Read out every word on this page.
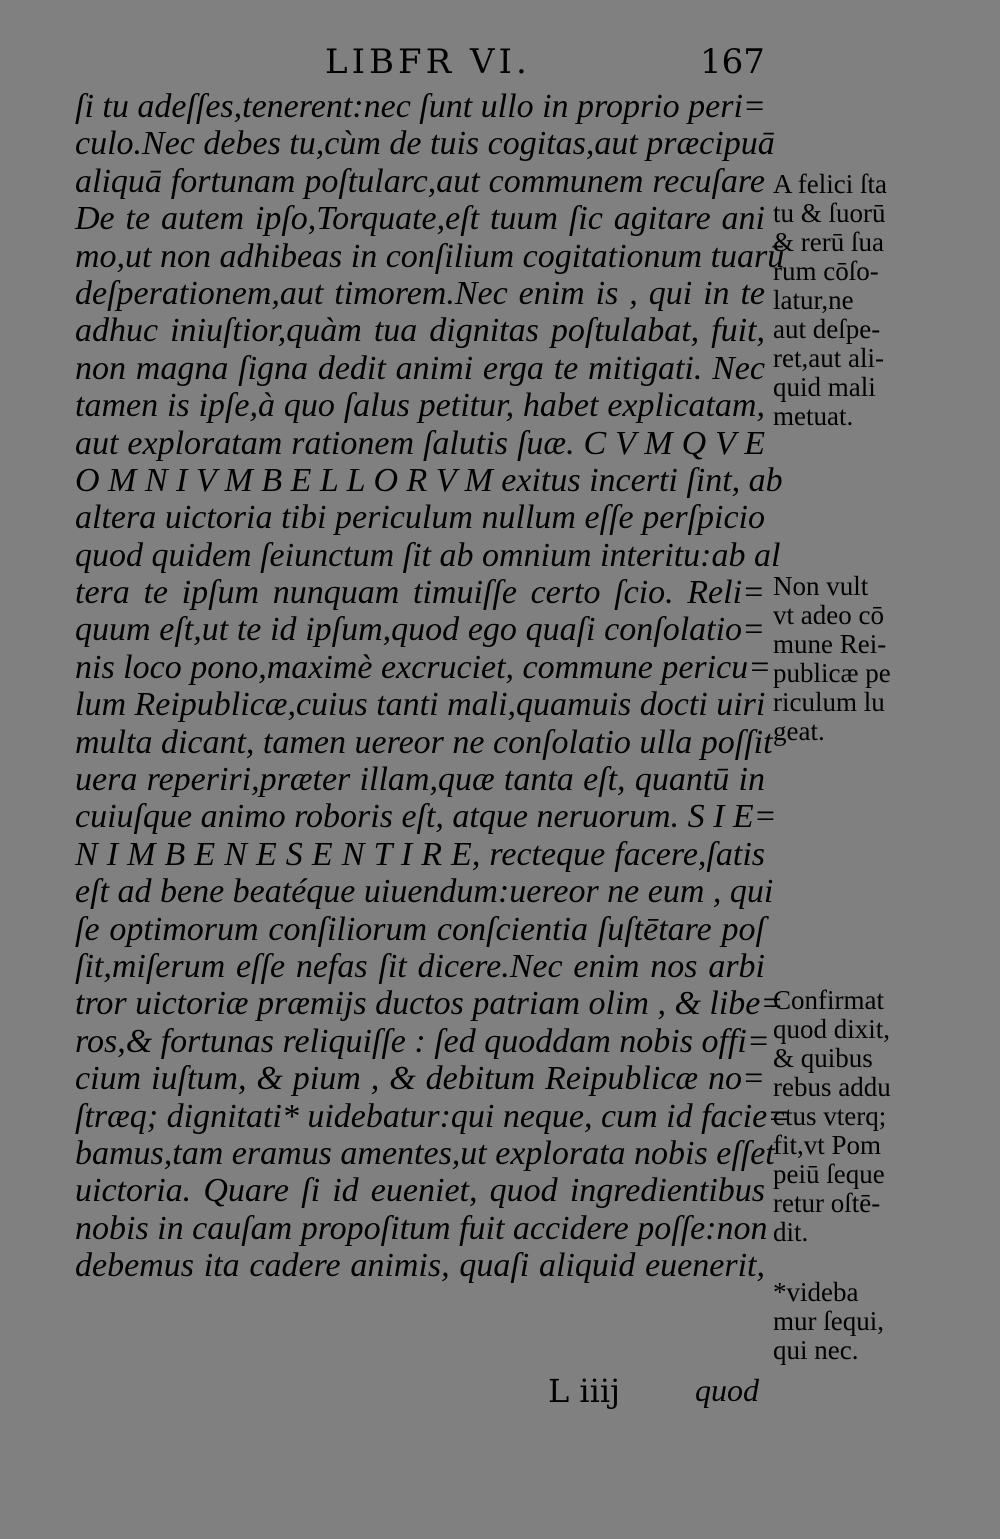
LIBFR VI.	167
ſi tu adeſſes,tenerent:nec ſunt ullo in proprio peri=
culo.Nec debes tu,cùm de tuis cogitas,aut præcipuā
aliquā fortunam poſtularc,aut communem recuſare
De te autem ipſo,Torquate,eſt tuum ſic agitare ani
mo,ut non adhibeas in conſilium cogitationum tuarū
deſperationem,aut timorem.Nec enim is , qui in te
adhuc iniuſtior,quàm tua dignitas poſtulabat, fuit,
non magna ſigna dedit animi erga te mitigati. Nec
tamen is ipſe,à quo ſalus petitur, habet explicatam,
aut exploratam rationem ſalutis ſuæ. C V M Q V E
O M N I V M B E L L O R V M exitus incerti ſint, ab
altera uictoria tibi periculum nullum eſſe perſpicio
quod quidem ſeiunctum ſit ab omnium interitu:ab al
tera te ipſum nunquam timuiſſe certo ſcio. Reli=
quum eſt,ut te id ipſum,quod ego quaſi conſolatio=
nis loco pono,maximè excruciet, commune pericu=
lum Reipublicæ,cuius tanti mali,quamuis docti uiri
multa dicant, tamen uereor ne conſolatio ulla poſſit
uera reperiri,præter illam,quæ tanta eſt, quantū in
cuiuſque animo roboris eſt, atque neruorum. S I E=
N I M B E N E S E N T I R E, recteque facere,ſatis
eſt ad bene beatéque uiuendum:uereor ne eum , qui
ſe optimorum conſiliorum conſcientia ſuſtētare poſ
ſit,miſerum eſſe nefas ſit dicere.Nec enim nos arbi
tror uictoriæ præmijs ductos patriam olim , & libe=
ros,& fortunas reliquiſſe : ſed quoddam nobis offi=
cium iuſtum, & pium , & debitum Reipublicæ no=
ſtræq; dignitati* uidebatur:qui neque, cum id facie=
bamus,tam eramus amentes,ut explorata nobis eſſet
uictoria. Quare ſi id eueniet, quod ingredientibus
nobis in cauſam propoſitum fuit accidere poſſe:non
debemus ita cadere animis, quaſi aliquid euenerit,
A felici ſta
tu & ſuorū
& rerū ſua
rum cōſo-
latur,ne
aut deſpe-
ret,aut ali-
quid mali
metuat.
Non vult
vt adeo cō
mune Rei-
publicæ pe
riculum lu
geat.
Confirmat
quod dixit,
& quibus
rebus addu
ctus vterq;
fit,vt Pom
peiū ſeque
retur oſtē-
dit.
*videba
mur ſequi,
qui nec.
L iiij quod
